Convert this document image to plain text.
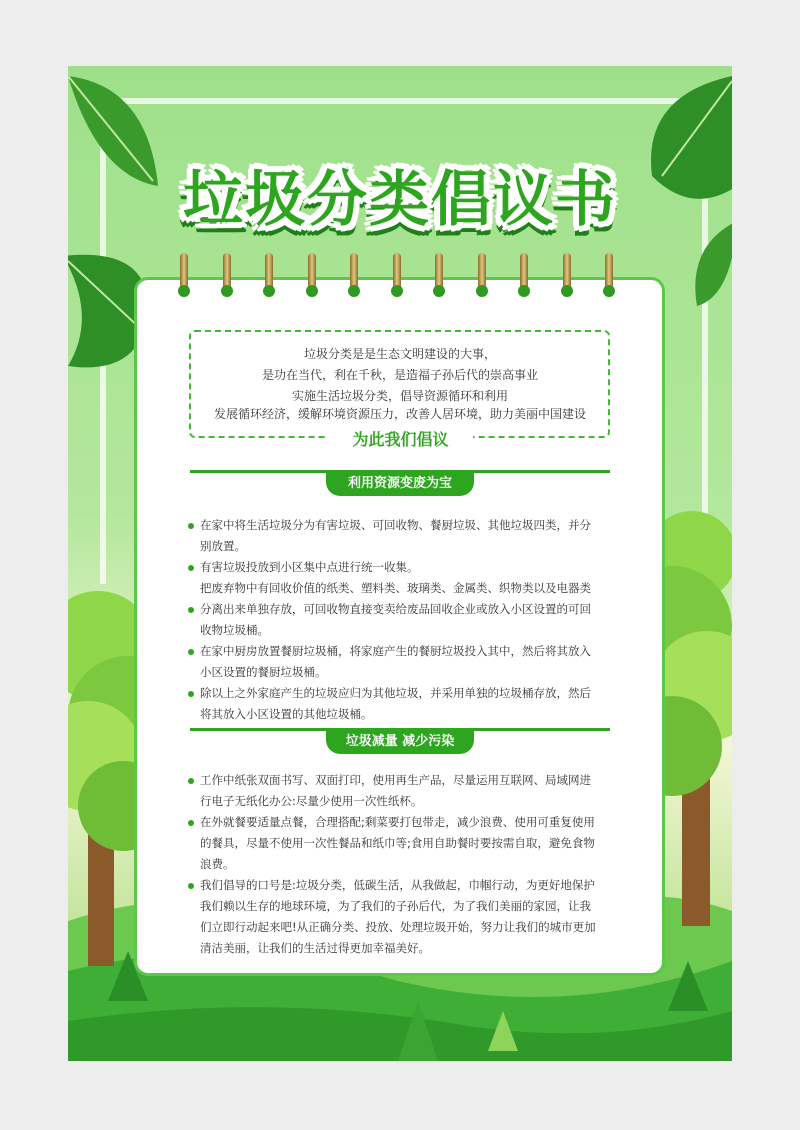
垃圾分类倡议书
垃圾分类是是生态文明建设的大事，
是功在当代，利在千秋，是造福子孙后代的崇高事业
实施生活垃圾分类，倡导资源循环和利用
发展循环经济，缓解环境资源压力，改善人居环境，助力美丽中国建设
为此我们倡议
利用资源变废为宝
在家中将生活垃圾分为有害垃圾、可回收物、餐厨垃圾、其他垃圾四类，并分
别放置。
有害垃圾投放到小区集中点进行统一收集。
把废弃物中有回收价值的纸类、塑料类、玻璃类、金属类、织物类以及电器类
分离出来单独存放，可回收物直接变卖给废品回收企业或放入小区设置的可回
收物垃圾桶。
在家中厨房放置餐厨垃圾桶，将家庭产生的餐厨垃圾投入其中，然后将其放入
小区设置的餐厨垃圾桶。
除以上之外家庭产生的垃圾应归为其他垃圾，并采用单独的垃圾桶存放，然后
将其放入小区设置的其他垃圾桶。
垃圾减量 减少污染
工作中纸张双面书写、双面打印，使用再生产品，尽量运用互联网、局域网进
行电子无纸化办公:尽量少使用一次性纸杯。
在外就餐要适量点餐，合理搭配;剩菜要打包带走，减少浪费、使用可重复使用
的餐具，尽量不使用一次性餐品和纸巾等;食用自助餐时要按需自取，避免食物
浪费。
我们倡导的口号是:垃圾分类，低碳生活，从我做起，巾帼行动，为更好地保护
我们赖以生存的地球环境，为了我们的子孙后代，为了我们美丽的家园，让我
们立即行动起来吧!从正确分类、投放、处理垃圾开始，努力让我们的城市更加
清洁美丽，让我们的生活过得更加幸福美好。
